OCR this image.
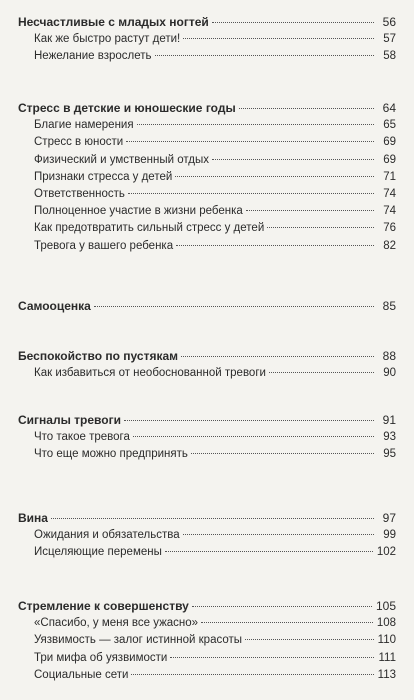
Несчастливые с младых ногтей	56
Как же быстро растут дети!	57
Нежелание взрослеть	58
Стресс в детские и юношеские годы	64
Благие намерения	65
Стресс в юности	69
Физический и умственный отдых	69
Признаки стресса у детей	71
Ответственность	74
Полноценное участие в жизни ребенка	74
Как предотвратить сильный стресс у детей	76
Тревога у вашего ребенка	82
Самооценка	85
Беспокойство по пустякам	88
Как избавиться от необоснованной тревоги	90
Сигналы тревоги	91
Что такое тревога	93
Что еще можно предпринять	95
Вина	97
Ожидания и обязательства	99
Исцеляющие перемены	102
Стремление к совершенству	105
«Спасибо, у меня все ужасно»	108
Уязвимость — залог истинной красоты	110
Три мифа об уязвимости	111
Социальные сети	113
